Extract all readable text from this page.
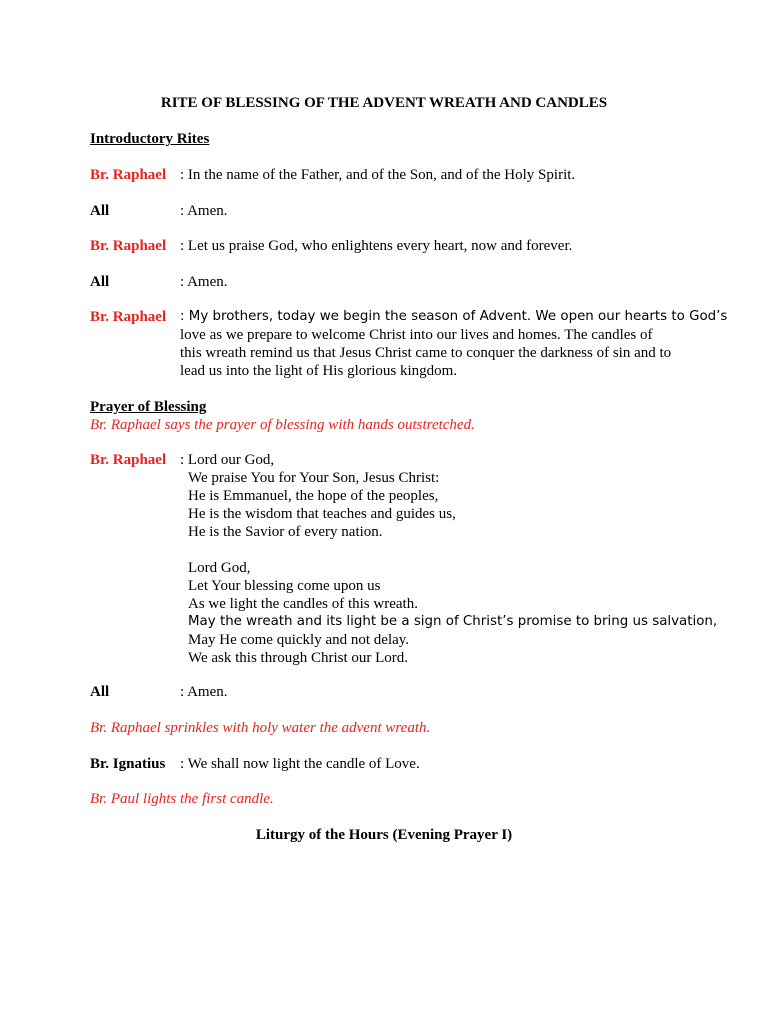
RITE OF BLESSING OF THE ADVENT WREATH AND CANDLES
Introductory Rites
Br. Raphael : In the name of the Father, and of the Son, and of the Holy Spirit.
All	: Amen.
Br. Raphael : Let us praise God, who enlightens every heart, now and forever.
All	: Amen.
Br. Raphael : My brothers, today we begin the season of Advent. We open our hearts to God’s
love as we prepare to welcome Christ into our lives and homes. The candles of
this wreath remind us that Jesus Christ came to conquer the darkness of sin and to
lead us into the light of His glorious kingdom.
Prayer of Blessing
Br. Raphael says the prayer of blessing with hands outstretched.
Br. Raphael : Lord our God,
We praise You for Your Son, Jesus Christ:
He is Emmanuel, the hope of the peoples,
He is the wisdom that teaches and guides us,
He is the Savior of every nation.
Lord God,
Let Your blessing come upon us
As we light the candles of this wreath.
May the wreath and its light be a sign of Christ’s promise to bring us salvation,
May He come quickly and not delay.
We ask this through Christ our Lord.
All	: Amen.
Br. Raphael sprinkles with holy water the advent wreath.
Br. Ignatius : We shall now light the candle of Love.
Br. Paul lights the first candle.
Liturgy of the Hours (Evening Prayer I)
